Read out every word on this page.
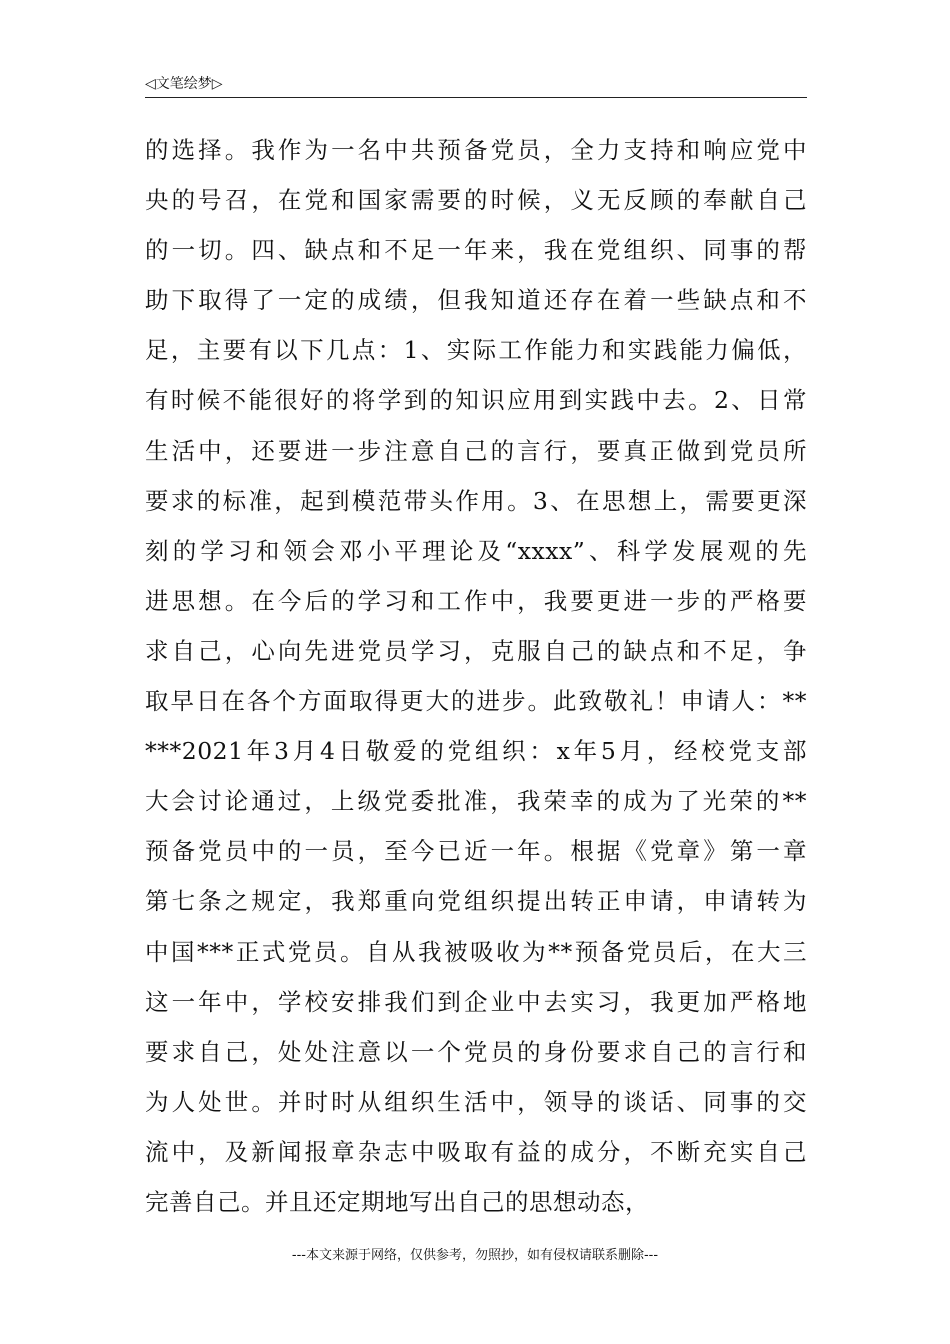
◁文笔绘梦▷
的选择。我作为一名中共预备党员，全力支持和响应党中
央的号召，在党和国家需要的时候，义无反顾的奉献自己
的一切。四、缺点和不足一年来，我在党组织、同事的帮
助下取得了一定的成绩，但我知道还存在着一些缺点和不
足，主要有以下几点：1、实际工作能力和实践能力偏低，
有时候不能很好的将学到的知识应用到实践中去。2、日常
生活中，还要进一步注意自己的言行，要真正做到党员所
要求的标准，起到模范带头作用。3、在思想上，需要更深
刻的学习和领会邓小平理论及“xxxx”、科学发展观的先
进思想。在今后的学习和工作中，我要更进一步的严格要
求自己，心向先进党员学习，克服自己的缺点和不足，争
取早日在各个方面取得更大的进步。此致敬礼！申请人：**
***2021年3月4日敬爱的党组织：x年5月，经校党支部
大会讨论通过，上级党委批准，我荣幸的成为了光荣的**
预备党员中的一员，至今已近一年。根据《党章》第一章
第七条之规定，我郑重向党组织提出转正申请，申请转为
中国***正式党员。自从我被吸收为**预备党员后，在大三
这一年中，学校安排我们到企业中去实习，我更加严格地
要求自己，处处注意以一个党员的身份要求自己的言行和
为人处世。并时时从组织生活中，领导的谈话、同事的交
流中，及新闻报章杂志中吸取有益的成分，不断充实自己
完善自己。并且还定期地写出自己的思想动态，
---本文来源于网络，仅供参考，勿照抄，如有侵权请联系删除---
